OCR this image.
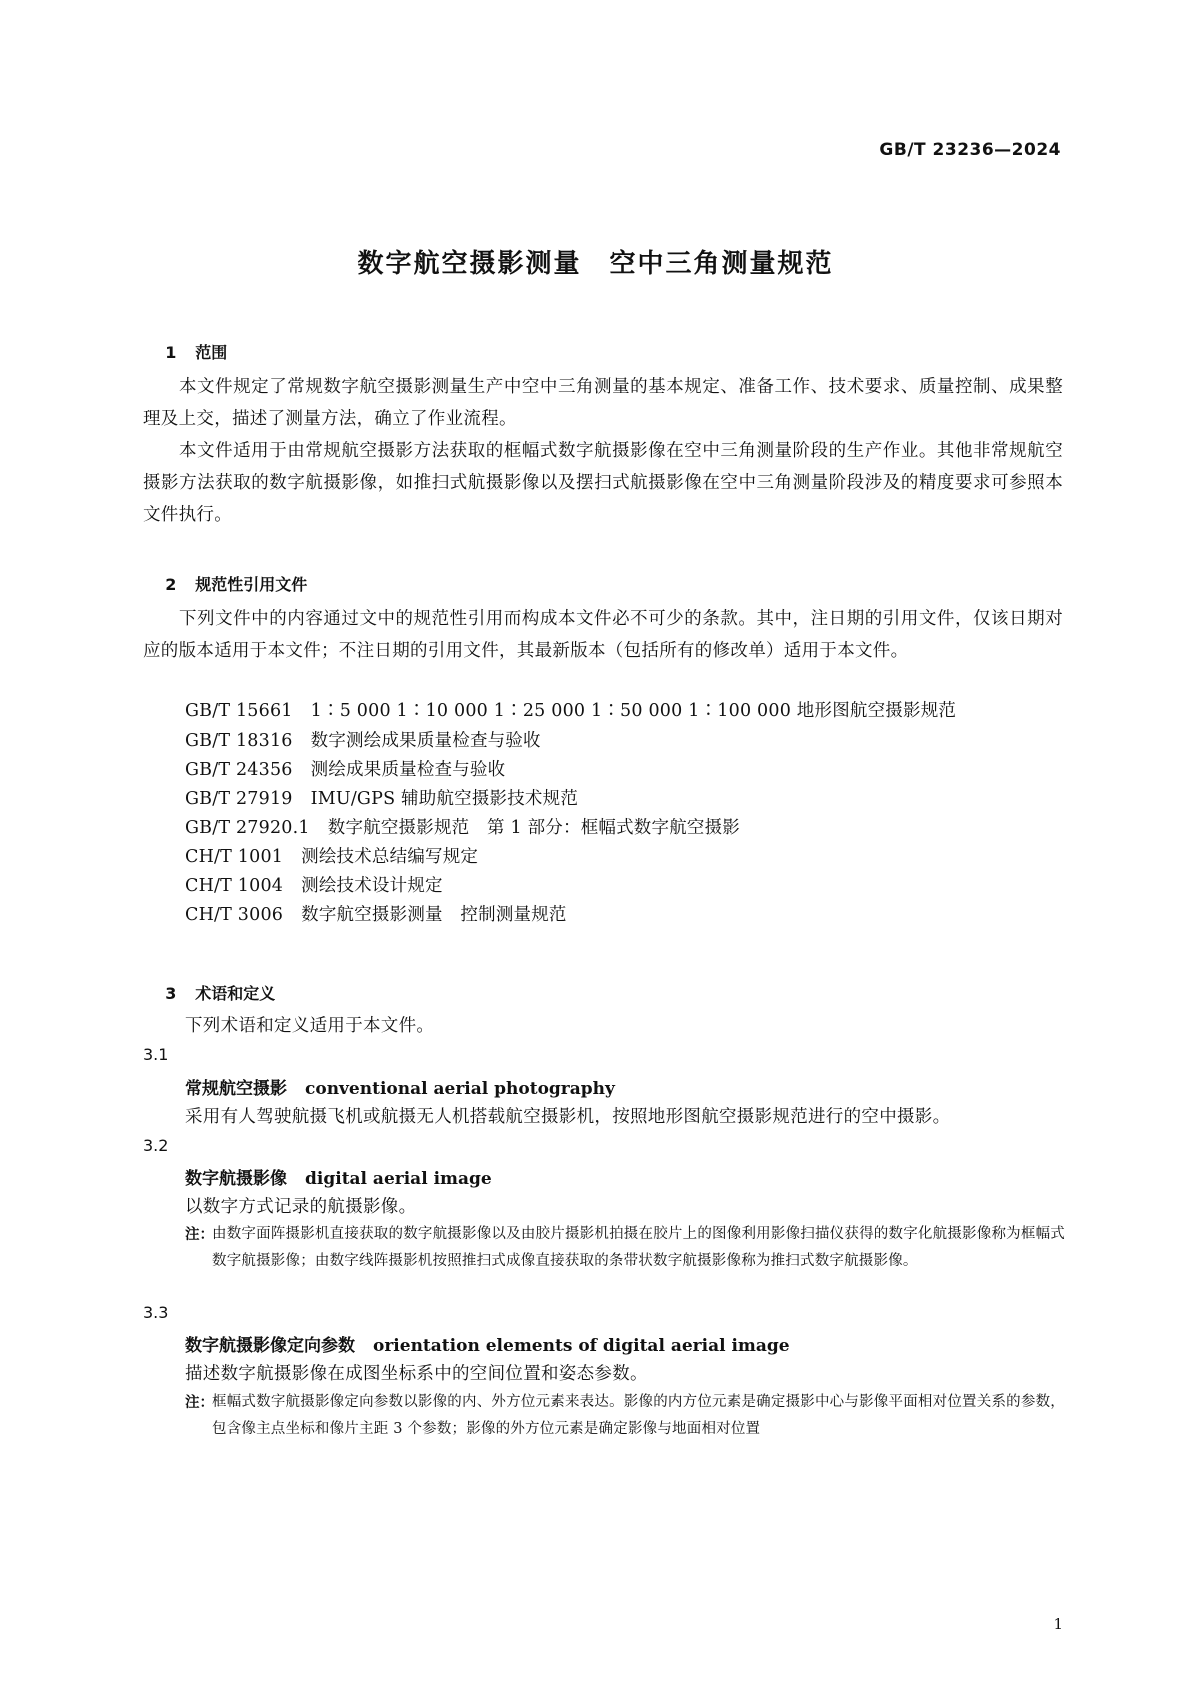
GB/T 23236—2024
数字航空摄影测量　空中三角测量规范

1 范围

本文件规定了常规数字航空摄影测量生产中空中三角测量的基本规定、准备工作、技术要求、质量控制、成果整理及上交，描述了测量方法，确立了作业流程。
本文件适用于由常规航空摄影方法获取的框幅式数字航摄影像在空中三角测量阶段的生产作业。其他非常规航空摄影方法获取的数字航摄影像，如推扫式航摄影像以及摆扫式航摄影像在空中三角测量阶段涉及的精度要求可参照本文件执行。

2 规范性引用文件

下列文件中的内容通过文中的规范性引用而构成本文件必不可少的条款。其中，注日期的引用文件，仅该日期对应的版本适用于本文件；不注日期的引用文件，其最新版本（包括所有的修改单）适用于本文件。
GB/T 15661 1∶5 000 1∶10 000 1∶25 000 1∶50 000 1∶100 000 地形图航空摄影规范
GB/T 18316 数字测绘成果质量检查与验收
GB/T 24356 测绘成果质量检查与验收
GB/T 27919 IMU/GPS 辅助航空摄影技术规范
GB/T 27920.1 数字航空摄影规范　第 1 部分：框幅式数字航空摄影
CH/T 1001 测绘技术总结编写规定
CH/T 1004 测绘技术设计规定
CH/T 3006 数字航空摄影测量　控制测量规范

3 术语和定义

下列术语和定义适用于本文件。
3.1
常规航空摄影 conventional aerial photography
采用有人驾驶航摄飞机或航摄无人机搭载航空摄影机，按照地形图航空摄影规范进行的空中摄影。
3.2
数字航摄影像 digital aerial image
以数字方式记录的航摄影像。
注：
由数字面阵摄影机直接获取的数字航摄影像以及由胶片摄影机拍摄在胶片上的图像利用影像扫描仪获得的数字化航摄影像称为框幅式数字航摄影像；由数字线阵摄影机按照推扫式成像直接获取的条带状数字航摄影像称为推扫式数字航摄影像。
3.3
数字航摄影像定向参数 orientation elements of digital aerial image
描述数字航摄影像在成图坐标系中的空间位置和姿态参数。
注：
框幅式数字航摄影像定向参数以影像的内、外方位元素来表达。影像的内方位元素是确定摄影中心与影像平面相对位置关系的参数，包含像主点坐标和像片主距 3 个参数；影像的外方位元素是确定影像与地面相对位置
1
